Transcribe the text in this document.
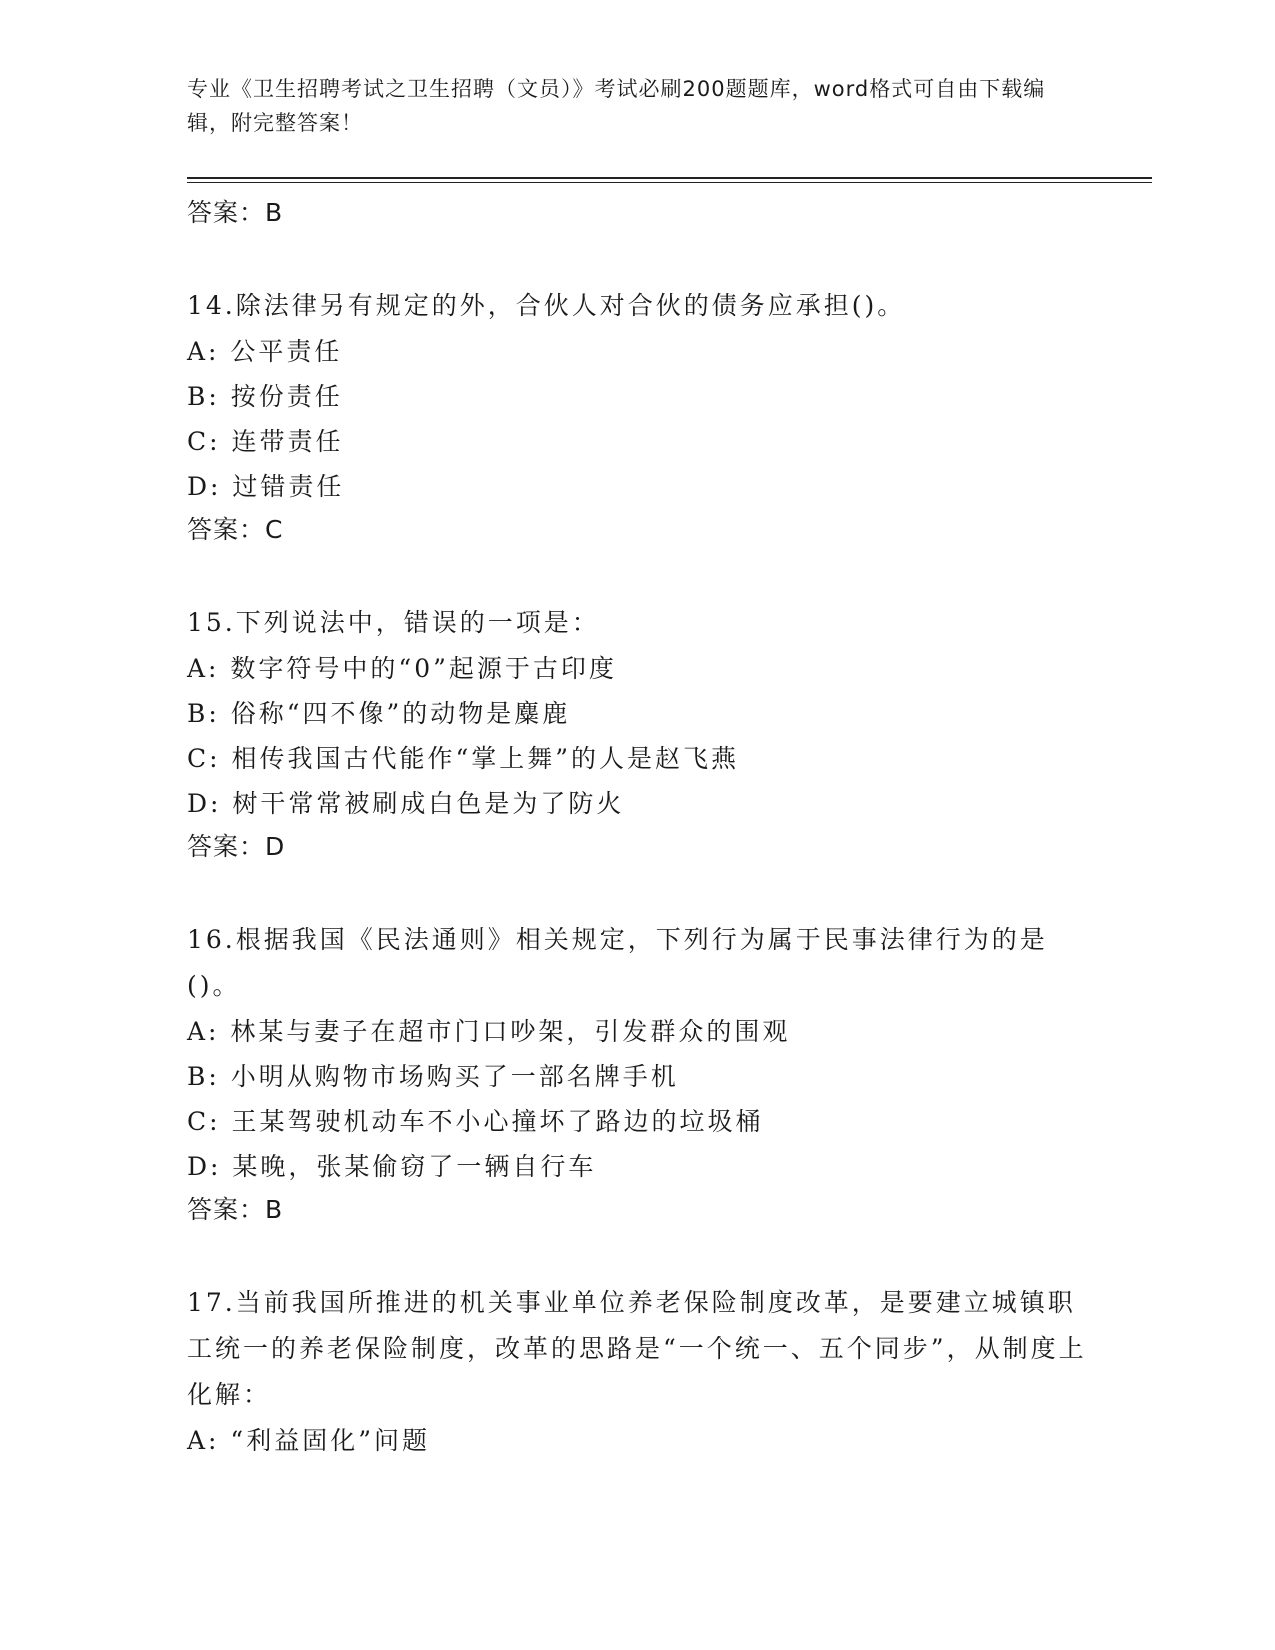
专业《卫生招聘考试之卫生招聘（文员）》考试必刷200题题库，word格式可自由下载编辑，附完整答案！
答案：B
14.除法律另有规定的外，合伙人对合伙的债务应承担()。
A: 公平责任
B: 按份责任
C: 连带责任
D: 过错责任
答案：C
15.下列说法中，错误的一项是：
A: 数字符号中的“0”起源于古印度
B: 俗称“四不像”的动物是麋鹿
C: 相传我国古代能作“掌上舞”的人是赵飞燕
D: 树干常常被刷成白色是为了防火
答案：D
16.根据我国《民法通则》相关规定，下列行为属于民事法律行为的是()。
A: 林某与妻子在超市门口吵架，引发群众的围观
B: 小明从购物市场购买了一部名牌手机
C: 王某驾驶机动车不小心撞坏了路边的垃圾桶
D: 某晚，张某偷窃了一辆自行车
答案：B
17.当前我国所推进的机关事业单位养老保险制度改革，是要建立城镇职工统一的养老保险制度，改革的思路是“一个统一、五个同步”，从制度上化解：
A: “利益固化”问题
